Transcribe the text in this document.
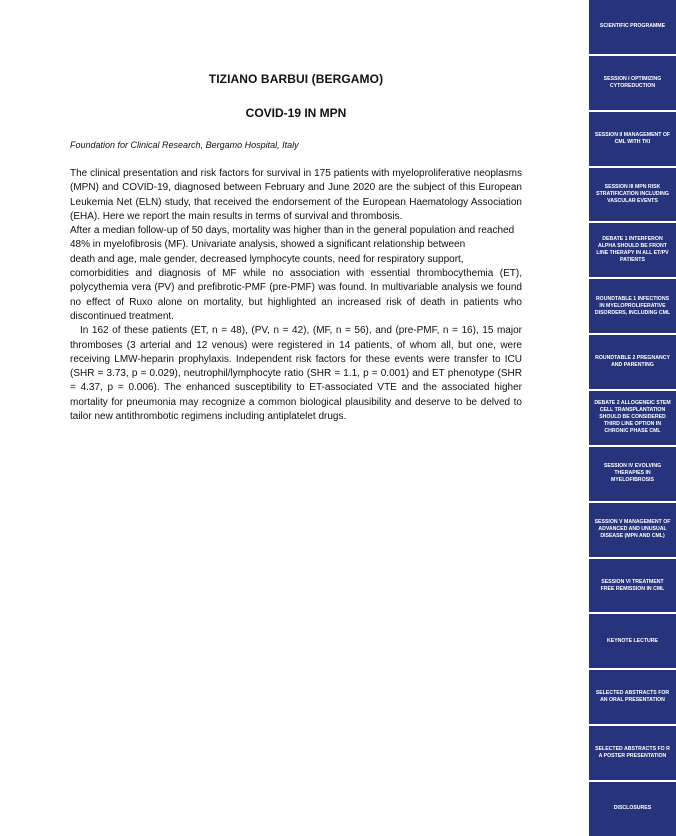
TIZIANO BARBUI (BERGAMO)
COVID-19 IN MPN
Foundation for Clinical Research, Bergamo Hospital, Italy

The clinical presentation and risk factors for survival in 175 patients with myeloproliferative neoplasms (MPN) and COVID-19, diagnosed between February and June 2020 are the subject of this European Leukemia Net (ELN) study, that received the endorsement of the European Haematology Association (EHA). Here we report the main results in terms of survival and thrombosis.

After a median follow-up of 50 days, mortality was higher than in the general population and reached 48% in myelofibrosis (MF). Univariate analysis, showed a significant relationship between

death and age, male gender, decreased lymphocyte counts, need for respiratory support,

comorbidities and diagnosis of MF while no association with essential thrombocythemia (ET), polycythemia vera (PV) and prefibrotic-PMF (pre-PMF) was found. In multivariable analysis we found no effect of Ruxo alone on mortality, but highlighted an increased risk of death in patients who discontinued treatment.

In 162 of these patients (ET, n = 48), (PV, n = 42), (MF, n = 56), and (pre-PMF, n = 16), 15 major thromboses (3 arterial and 12 venous) were registered in 14 patients, of whom all, but one, were receiving LMW-heparin prophylaxis. Independent risk factors for these events were transfer to ICU (SHR = 3.73, p = 0.029), neutrophil/lymphocyte ratio (SHR = 1.1, p = 0.001) and ET phenotype (SHR = 4.37, p = 0.006). The enhanced susceptibility to ET-associated VTE and the associated higher mortality for pneumonia may recognize a common biological plausibility and deserve to be delved to tailor new antithrombotic regimens including antiplatelet drugs.

SCIENTIFIC PROGRAMME
SESSION I OPTIMIZING CYTOREDUCTION
SESSION II MANAGEMENT OF CML WITH TKI
SESSION III MPN RISK STRATIFICATION INCLUDING VASCULAR EVENTS
DEBATE 1 INTERFERON ALPHA SHOULD BE FRONT LINE THERAPY IN ALL ET/PV PATIENTS
ROUNDTABLE 1 INFECTIONS IN MYELOPROLIFERATIVE DISORDERS, INCLUDING CML
ROUNDTABLE 2 PREGNANCY AND PARENTING
DEBATE 2 ALLOGENEIC STEM CELL TRANSPLANTATION SHOULD BE CONSIDERED THIRD LINE OPTION IN CHRONIC PHASE CML
SESSION IV EVOLVING THERAPIES IN MYELOFIBROSIS
SESSION V MANAGEMENT OF ADVANCED AND UNUSUAL DISEASE (MPN AND CML)
SESSION VI TREATMENT FREE REMISSION IN CML
KEYNOTE LECTURE
SELECTED ABSTRACTS FOR AN ORAL PRESENTATION
SELECTED ABSTRACTS FO R A POSTER PRESENTATION
DISCLOSURES
